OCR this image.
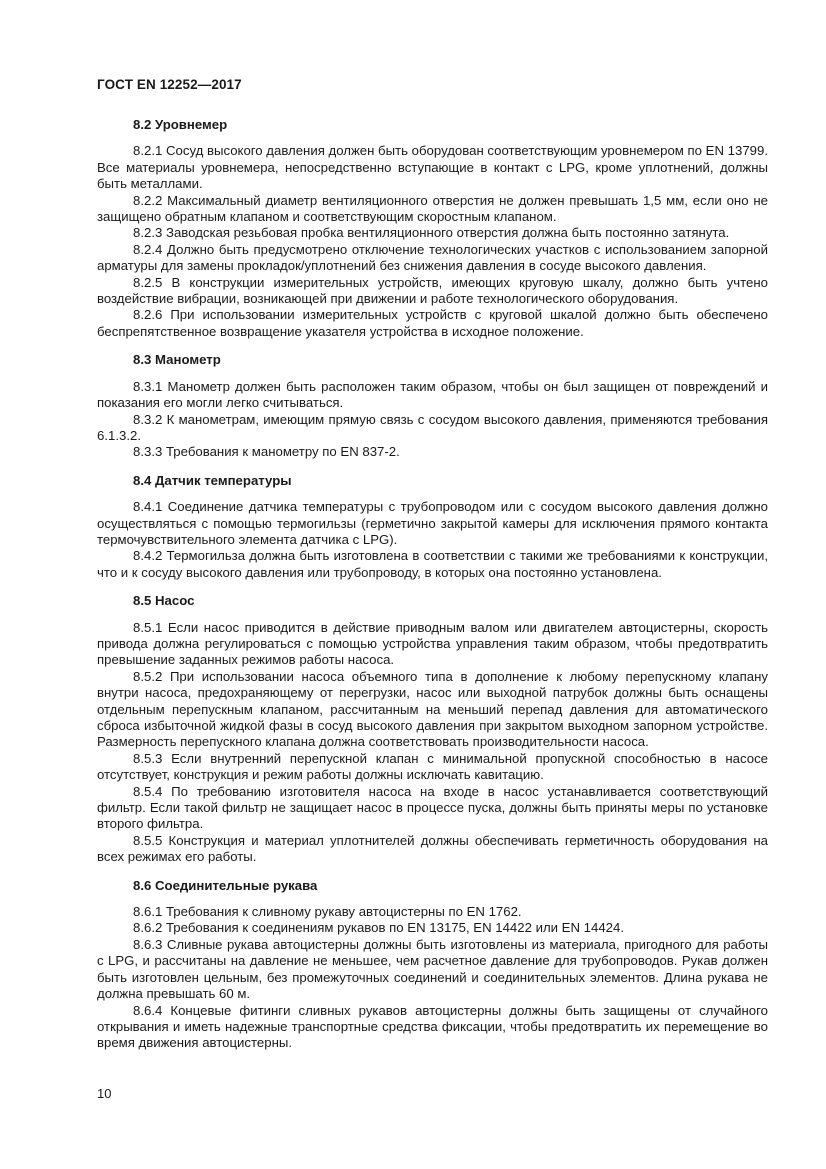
ГОСТ EN 12252—2017
8.2 Уровнемер

8.2.1 Сосуд высокого давления должен быть оборудован соответствующим уровнемером по EN 13799. Все материалы уровнемера, непосредственно вступающие в контакт с LPG, кроме уплотнений, должны быть металлами.

8.2.2 Максимальный диаметр вентиляционного отверстия не должен превышать 1,5 мм, если оно не защищено обратным клапаном и соответствующим скоростным клапаном.

8.2.3 Заводская резьбовая пробка вентиляционного отверстия должна быть постоянно затянута.

8.2.4 Должно быть предусмотрено отключение технологических участков с использованием запорной арматуры для замены прокладок/уплотнений без снижения давления в сосуде высокого давления.

8.2.5 В конструкции измерительных устройств, имеющих круговую шкалу, должно быть учтено воздействие вибрации, возникающей при движении и работе технологического оборудования.

8.2.6 При использовании измерительных устройств с круговой шкалой должно быть обеспечено беспрепятственное возвращение указателя устройства в исходное положение.

8.3 Манометр

8.3.1 Манометр должен быть расположен таким образом, чтобы он был защищен от повреждений и показания его могли легко считываться.

8.3.2 К манометрам, имеющим прямую связь с сосудом высокого давления, применяются требования 6.1.3.2.

8.3.3 Требования к манометру по EN 837-2.

8.4 Датчик температуры

8.4.1 Соединение датчика температуры с трубопроводом или с сосудом высокого давления должно осуществляться с помощью термогильзы (герметично закрытой камеры для исключения прямого контакта термочувствительного элемента датчика с LPG).

8.4.2 Термогильза должна быть изготовлена в соответствии с такими же требованиями к конструкции, что и к сосуду высокого давления или трубопроводу, в которых она постоянно установлена.

8.5 Насос

8.5.1 Если насос приводится в действие приводным валом или двигателем автоцистерны, скорость привода должна регулироваться с помощью устройства управления таким образом, чтобы предотвратить превышение заданных режимов работы насоса.

8.5.2 При использовании насоса объемного типа в дополнение к любому перепускному клапану внутри насоса, предохраняющему от перегрузки, насос или выходной патрубок должны быть оснащены отдельным перепускным клапаном, рассчитанным на меньший перепад давления для автоматического сброса избыточной жидкой фазы в сосуд высокого давления при закрытом выходном запорном устройстве. Размерность перепускного клапана должна соответствовать производительности насоса.

8.5.3 Если внутренний перепускной клапан с минимальной пропускной способностью в насосе отсутствует, конструкция и режим работы должны исключать кавитацию.

8.5.4 По требованию изготовителя насоса на входе в насос устанавливается соответствующий фильтр. Если такой фильтр не защищает насос в процессе пуска, должны быть приняты меры по установке второго фильтра.

8.5.5 Конструкция и материал уплотнителей должны обеспечивать герметичность оборудования на всех режимах его работы.

8.6 Соединительные рукава

8.6.1 Требования к сливному рукаву автоцистерны по EN 1762.

8.6.2 Требования к соединениям рукавов по EN 13175, EN 14422 или EN 14424.

8.6.3 Сливные рукава автоцистерны должны быть изготовлены из материала, пригодного для работы с LPG, и рассчитаны на давление не меньшее, чем расчетное давление для трубопроводов. Рукав должен быть изготовлен цельным, без промежуточных соединений и соединительных элементов. Длина рукава не должна превышать 60 м.

8.6.4 Концевые фитинги сливных рукавов автоцистерны должны быть защищены от случайного открывания и иметь надежные транспортные средства фиксации, чтобы предотвратить их перемещение во время движения автоцистерны.

10
